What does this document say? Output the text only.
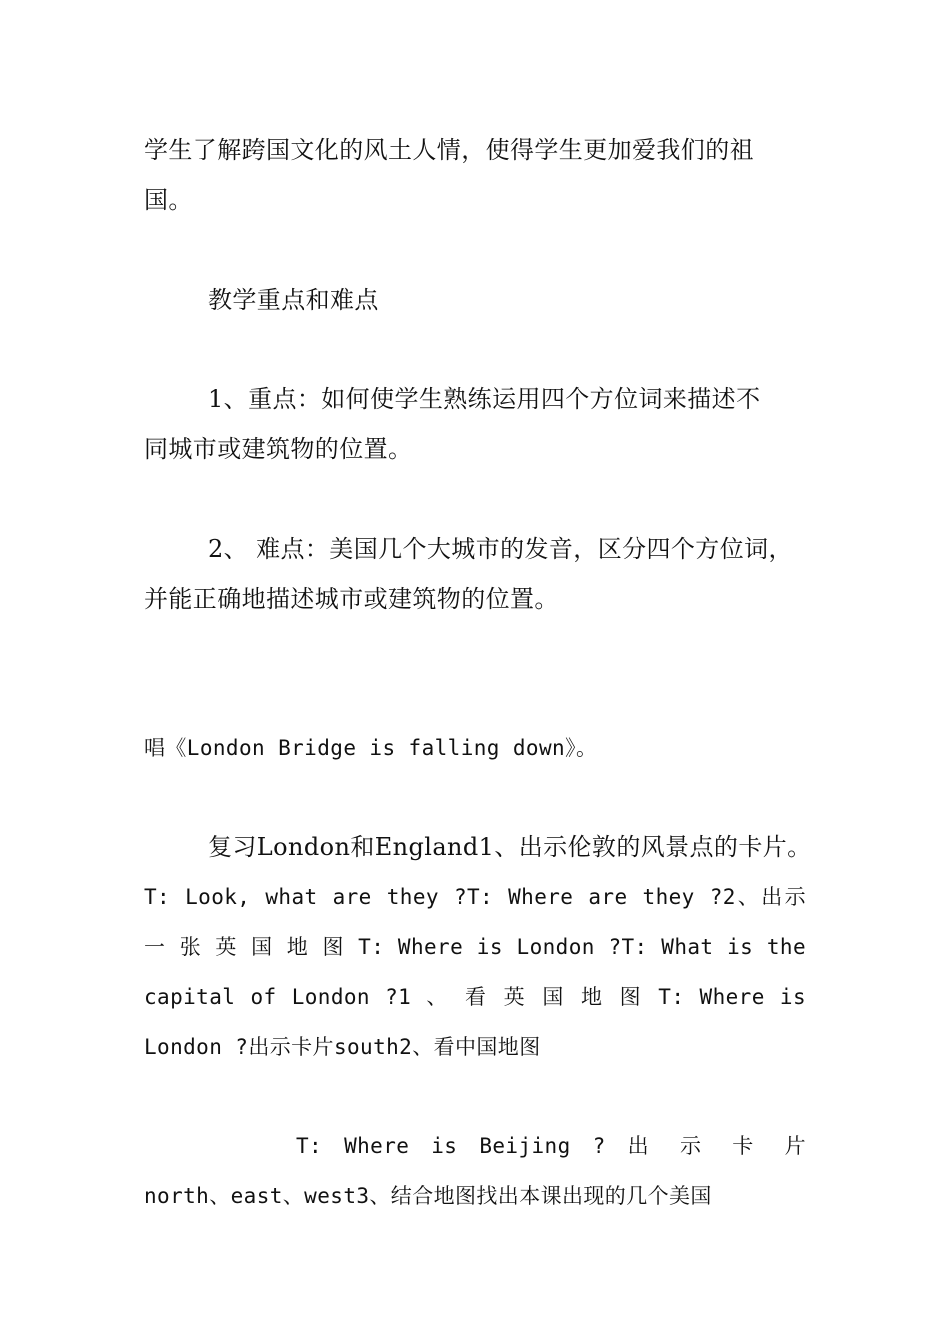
学生了解跨国文化的风土人情，使得学生更加爱我们的祖
国。
教学重点和难点
1、重点：如何使学生熟练运用四个方位词来描述不
同城市或建筑物的位置。
2、 难点：美国几个大城市的发音，区分四个方位词，
并能正确地描述城市或建筑物的位置。
唱《London Bridge is falling down》。
复习London和England1、出示伦敦的风景点的卡片。
T: Look, what are they ?T: Where are they ?2、出示
一 张 英 国 地 图 T: Where is London ?T: What is the
capital of London ?1 、 看 英 国 地 图 T: Where is
London ?出示卡片south2、看中国地图
T: Where is Beijing ? 出 示 卡 片
north、east、west3、结合地图找出本课出现的几个美国
